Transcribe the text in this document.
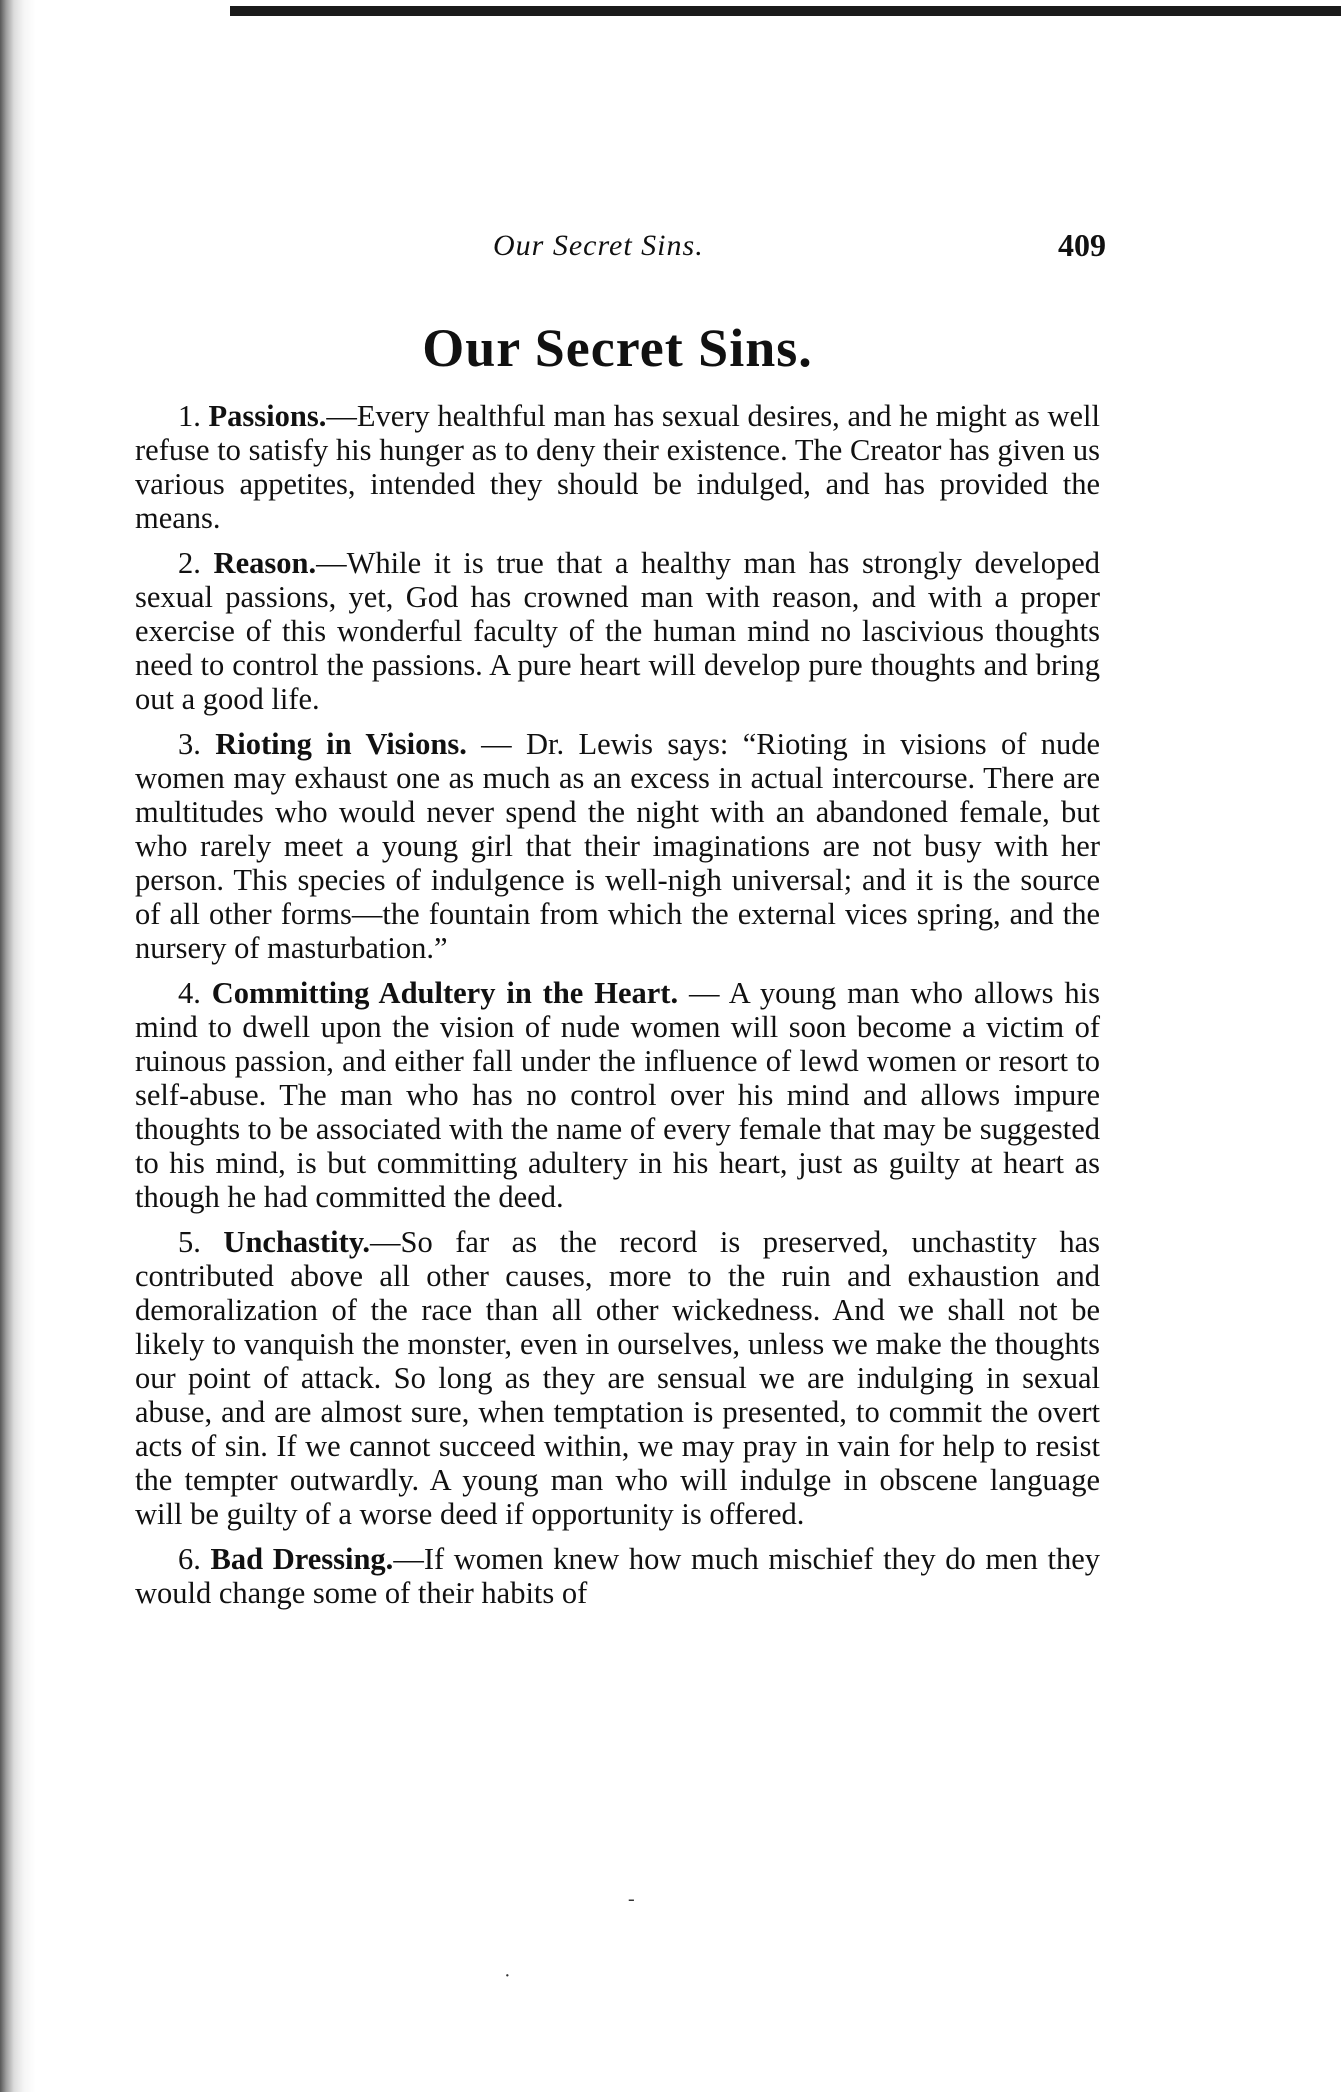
Our Secret Sins.	409
Our Secret Sins.

1. Passions.—Every healthful man has sexual desires, and he might as well refuse to satisfy his hunger as to deny their existence. The Creator has given us various appetites, intended they should be indulged, and has provided the means.

2. Reason.—While it is true that a healthy man has strongly developed sexual passions, yet, God has crowned man with reason, and with a proper exercise of this wonderful faculty of the human mind no lascivious thoughts need to control the passions. A pure heart will develop pure thoughts and bring out a good life.

3. Rioting in Visions. — Dr. Lewis says: “Rioting in visions of nude women may exhaust one as much as an excess in actual intercourse. There are multitudes who would never spend the night with an abandoned female, but who rarely meet a young girl that their imaginations are not busy with her person. This species of indulgence is well-nigh universal; and it is the source of all other forms—the fountain from which the external vices spring, and the nursery of masturbation.”

4. Committing Adultery in the Heart. — A young man who allows his mind to dwell upon the vision of nude women will soon become a victim of ruinous passion, and either fall under the influence of lewd women or resort to self-abuse. The man who has no control over his mind and allows impure thoughts to be associated with the name of every female that may be suggested to his mind, is but committing adultery in his heart, just as guilty at heart as though he had committed the deed.

5. Unchastity.—So far as the record is preserved, unchastity has contributed above all other causes, more to the ruin and exhaustion and demoralization of the race than all other wickedness. And we shall not be likely to vanquish the monster, even in ourselves, unless we make the thoughts our point of attack. So long as they are sensual we are indulging in sexual abuse, and are almost sure, when temptation is presented, to commit the overt acts of sin. If we cannot succeed within, we may pray in vain for help to resist the tempter outwardly. A young man who will indulge in obscene language will be guilty of a worse deed if opportunity is offered.

6. Bad Dressing.—If women knew how much mischief they do men they would change some of their habits of

-
·
